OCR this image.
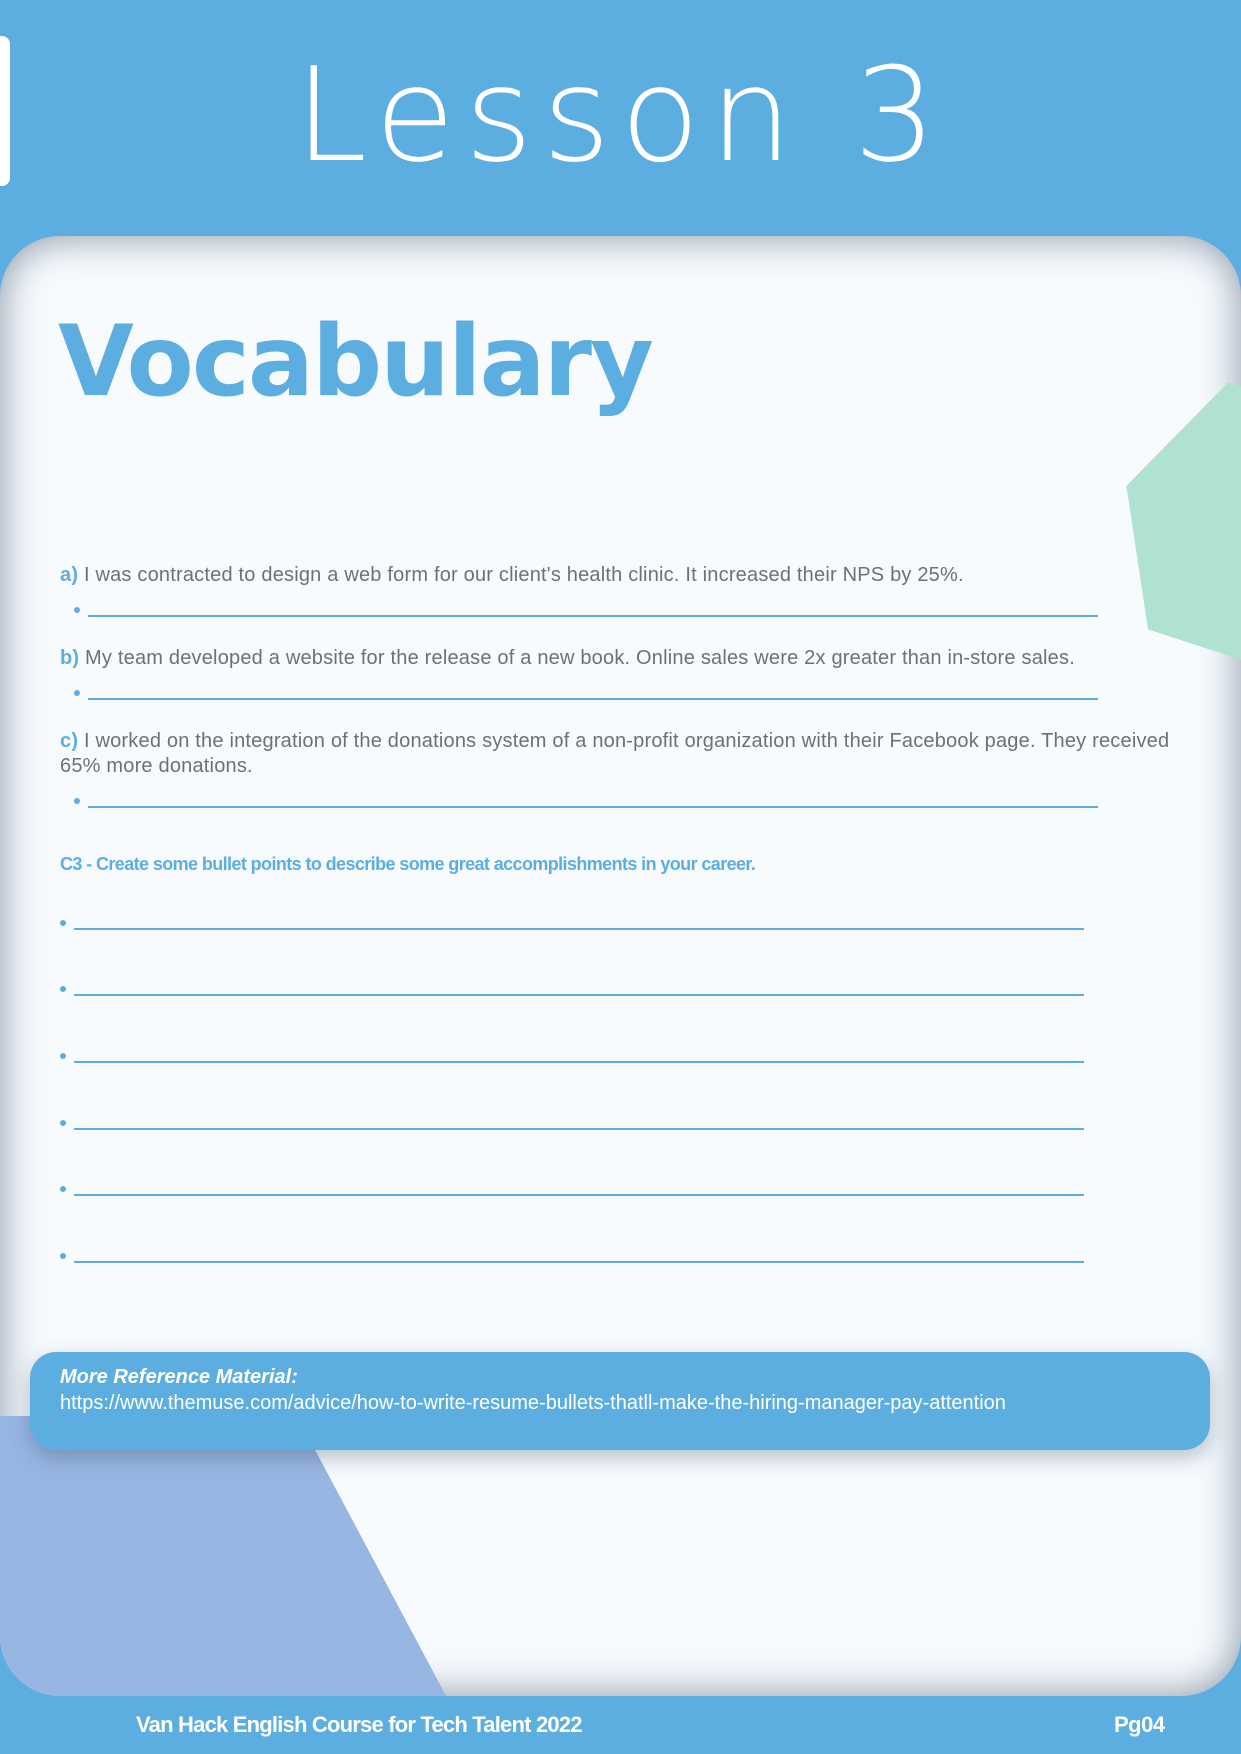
Lesson 3
Vocabulary
a) I was contracted to design a web form for our client's health clinic. It increased their NPS by 25%.
b) My team developed a website for the release of a new book. Online sales were 2x greater than in-store sales.
c) I worked on the integration of the donations system of a non-profit organization with their Facebook page. They received 65% more donations.
C3 - Create some bullet points to describe some great accomplishments in your career.
More Reference Material:
https://www.themuse.com/advice/how-to-write-resume-bullets-thatll-make-the-hiring-manager-pay-attention
Van Hack English Course for Tech Talent 2022	Pg04
